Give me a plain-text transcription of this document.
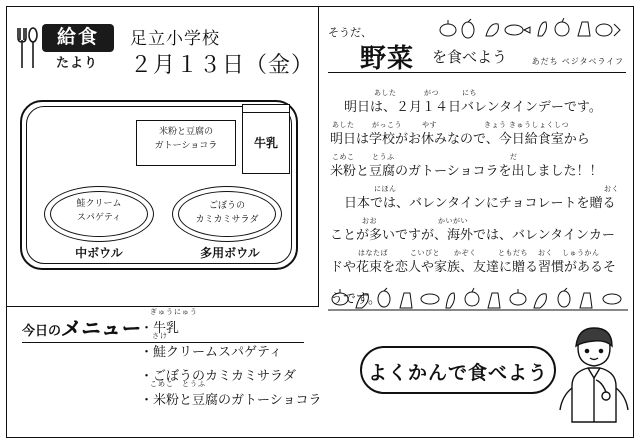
給食
たより
足立小学校
２月１３日（金）
牛乳
米粉と豆腐の
ガトーショコラ
鮭クリーム
スパゲティ
中ボウル
ごぼうの
カミカミサラダ
多用ボウル
今日の メニュー
ぎゅうにゅう
・牛乳
さけ
・鮭クリームスパゲティ
・ごぼうのカミカミサラダ
こめこ　とうふ
・米粉と豆腐のガトーショコラ
そうだ、
野菜 を食べよう	あだち ベジタベライフ

あした	がつ	にち
明日は、２月１４日バレンタインデーです。

あした	がっこう	やす	きょう きゅうしょくしつ
明日は学校がお休みなので、今日給食室から

こめこ	とうふ	だ
米粉と豆腐のガトーショコラを出しました！！

にほん	おく
日本では、バレンタインにチョコレートを贈る

おお	かいがい
ことが多いですが、海外では、バレンタインカー

はなたば	こいびと かぞく	ともだち おく しゅうかん
ドや花束を恋人や家族、友達に贈る習慣があるそ

うです。

よくかんで食べよう
